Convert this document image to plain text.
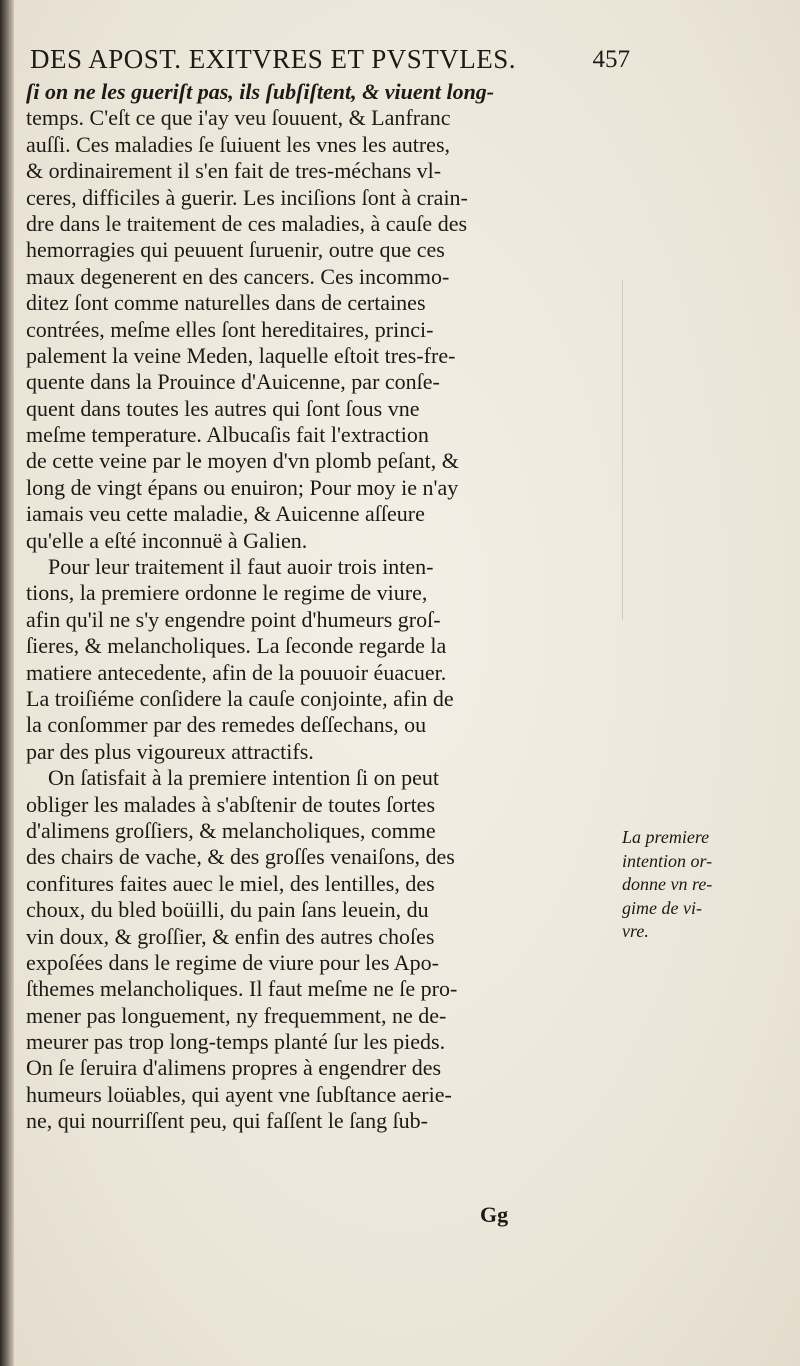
DES APOST. EXITVRES ET PVSTVLES.	457
ſi on ne les gueriſt pas, ils ſubſiſtent, & viuent long-
temps. C'eſt ce que i'ay veu ſouuent, & Lanfranc
auſſi. Ces maladies ſe ſuiuent les vnes les autres,
& ordinairement il s'en fait de tres-méchans vl-
ceres, difficiles à guerir. Les inciſions ſont à crain-
dre dans le traitement de ces maladies, à cauſe des
hemorragies qui peuuent ſuruenir, outre que ces
maux degenerent en des cancers. Ces incommo-
ditez ſont comme naturelles dans de certaines
contrées, meſme elles ſont hereditaires, princi-
palement la veine Meden, laquelle eſtoit tres-fre-
quente dans la Prouince d'Auicenne, par conſe-
quent dans toutes les autres qui ſont ſous vne
meſme temperature. Albucaſis fait l'extraction
de cette veine par le moyen d'vn plomb peſant, &
long de vingt épans ou enuiron; Pour moy ie n'ay
iamais veu cette maladie, & Auicenne aſſeure
qu'elle a eſté inconnuë à Galien.
Pour leur traitement il faut auoir trois inten-
tions, la premiere ordonne le regime de viure,
afin qu'il ne s'y engendre point d'humeurs groſ-
ſieres, & melancholiques. La ſeconde regarde la
matiere antecedente, afin de la pouuoir éuacuer.
La troiſiéme conſidere la cauſe conjointe, afin de
la conſommer par des remedes deſſechans, ou
par des plus vigoureux attractifs.
On ſatisfait à la premiere intention ſi on peut
obliger les malades à s'abſtenir de toutes ſortes
d'alimens groſſiers, & melancholiques, comme
des chairs de vache, & des groſſes venaiſons, des
confitures faites auec le miel, des lentilles, des
choux, du bled boüilli, du pain ſans leuein, du
vin doux, & groſſier, & enfin des autres choſes
expoſées dans le regime de viure pour les Apo-
ſthemes melancholiques. Il faut meſme ne ſe pro-
mener pas longuement, ny frequemment, ne de-
meurer pas trop long-temps planté ſur les pieds.
On ſe ſeruira d'alimens propres à engendrer des
humeurs loüables, qui ayent vne ſubſtance aerie-
ne, qui nourriſſent peu, qui faſſent le ſang ſub-
La premiere
intention or-
donne vn re-
gime de vi-
vre.
Gg
